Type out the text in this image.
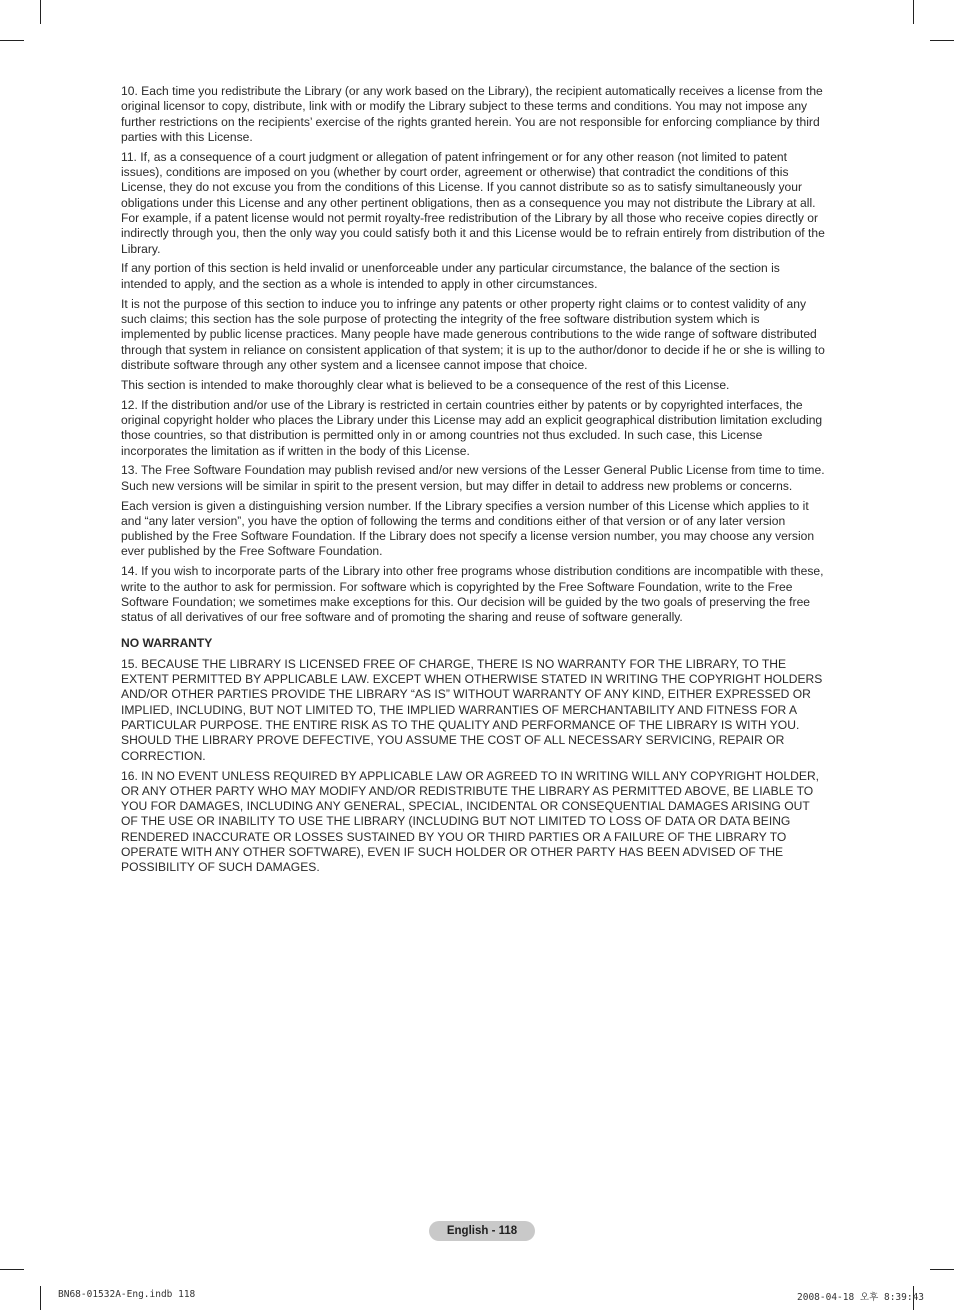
10. Each time you redistribute the Library (or any work based on the Library), the recipient automatically receives a license from the original licensor to copy, distribute, link with or modify the Library subject to these terms and conditions. You may not impose any further restrictions on the recipients’ exercise of the rights granted herein. You are not responsible for enforcing compliance by third parties with this License.

11. If, as a consequence of a court judgment or allegation of patent infringement or for any other reason (not limited to patent issues), conditions are imposed on you (whether by court order, agreement or otherwise) that contradict the conditions of this License, they do not excuse you from the conditions of this License. If you cannot distribute so as to satisfy simultaneously your obligations under this License and any other pertinent obligations, then as a consequence you may not distribute the Library at all. For example, if a patent license would not permit royalty-free redistribution of the Library by all those who receive copies directly or indirectly through you, then the only way you could satisfy both it and this License would be to refrain entirely from distribution of the Library.

If any portion of this section is held invalid or unenforceable under any particular circumstance, the balance of the section is intended to apply, and the section as a whole is intended to apply in other circumstances.

It is not the purpose of this section to induce you to infringe any patents or other property right claims or to contest validity of any such claims; this section has the sole purpose of protecting the integrity of the free software distribution system which is implemented by public license practices. Many people have made generous contributions to the wide range of software distributed through that system in reliance on consistent application of that system; it is up to the author/donor to decide if he or she is willing to distribute software through any other system and a licensee cannot impose that choice.

This section is intended to make thoroughly clear what is believed to be a consequence of the rest of this License.

12. If the distribution and/or use of the Library is restricted in certain countries either by patents or by copyrighted interfaces, the original copyright holder who places the Library under this License may add an explicit geographical distribution limitation excluding those countries, so that distribution is permitted only in or among countries not thus excluded. In such case, this License incorporates the limitation as if written in the body of this License.

13. The Free Software Foundation may publish revised and/or new versions of the Lesser General Public License from time to time. Such new versions will be similar in spirit to the present version, but may differ in detail to address new problems or concerns.

Each version is given a distinguishing version number. If the Library specifies a version number of this License which applies to it and “any later version”, you have the option of following the terms and conditions either of that version or of any later version published by the Free Software Foundation. If the Library does not specify a license version number, you may choose any version ever published by the Free Software Foundation.

14. If you wish to incorporate parts of the Library into other free programs whose distribution conditions are incompatible with these, write to the author to ask for permission. For software which is copyrighted by the Free Software Foundation, write to the Free Software Foundation; we sometimes make exceptions for this. Our decision will be guided by the two goals of preserving the free status of all derivatives of our free software and of promoting the sharing and reuse of software generally.

NO WARRANTY

15. BECAUSE THE LIBRARY IS LICENSED FREE OF CHARGE, THERE IS NO WARRANTY FOR THE LIBRARY, TO THE EXTENT PERMITTED BY APPLICABLE LAW. EXCEPT WHEN OTHERWISE STATED IN WRITING THE COPYRIGHT HOLDERS AND/OR OTHER PARTIES PROVIDE THE LIBRARY “AS IS” WITHOUT WARRANTY OF ANY KIND, EITHER EXPRESSED OR IMPLIED, INCLUDING, BUT NOT LIMITED TO, THE IMPLIED WARRANTIES OF MERCHANTABILITY AND FITNESS FOR A PARTICULAR PURPOSE. THE ENTIRE RISK AS TO THE QUALITY AND PERFORMANCE OF THE LIBRARY IS WITH YOU. SHOULD THE LIBRARY PROVE DEFECTIVE, YOU ASSUME THE COST OF ALL NECESSARY SERVICING, REPAIR OR CORRECTION.

16. IN NO EVENT UNLESS REQUIRED BY APPLICABLE LAW OR AGREED TO IN WRITING WILL ANY COPYRIGHT HOLDER, OR ANY OTHER PARTY WHO MAY MODIFY AND/OR REDISTRIBUTE THE LIBRARY AS PERMITTED ABOVE, BE LIABLE TO YOU FOR DAMAGES, INCLUDING ANY GENERAL, SPECIAL, INCIDENTAL OR CONSEQUENTIAL DAMAGES ARISING OUT OF THE USE OR INABILITY TO USE THE LIBRARY (INCLUDING BUT NOT LIMITED TO LOSS OF DATA OR DATA BEING RENDERED INACCURATE OR LOSSES SUSTAINED BY YOU OR THIRD PARTIES OR A FAILURE OF THE LIBRARY TO OPERATE WITH ANY OTHER SOFTWARE), EVEN IF SUCH HOLDER OR OTHER PARTY HAS BEEN ADVISED OF THE POSSIBILITY OF SUCH DAMAGES.

English - 118
BN68-01532A-Eng.indb 118	2008-04-18 오후 8:39:43
